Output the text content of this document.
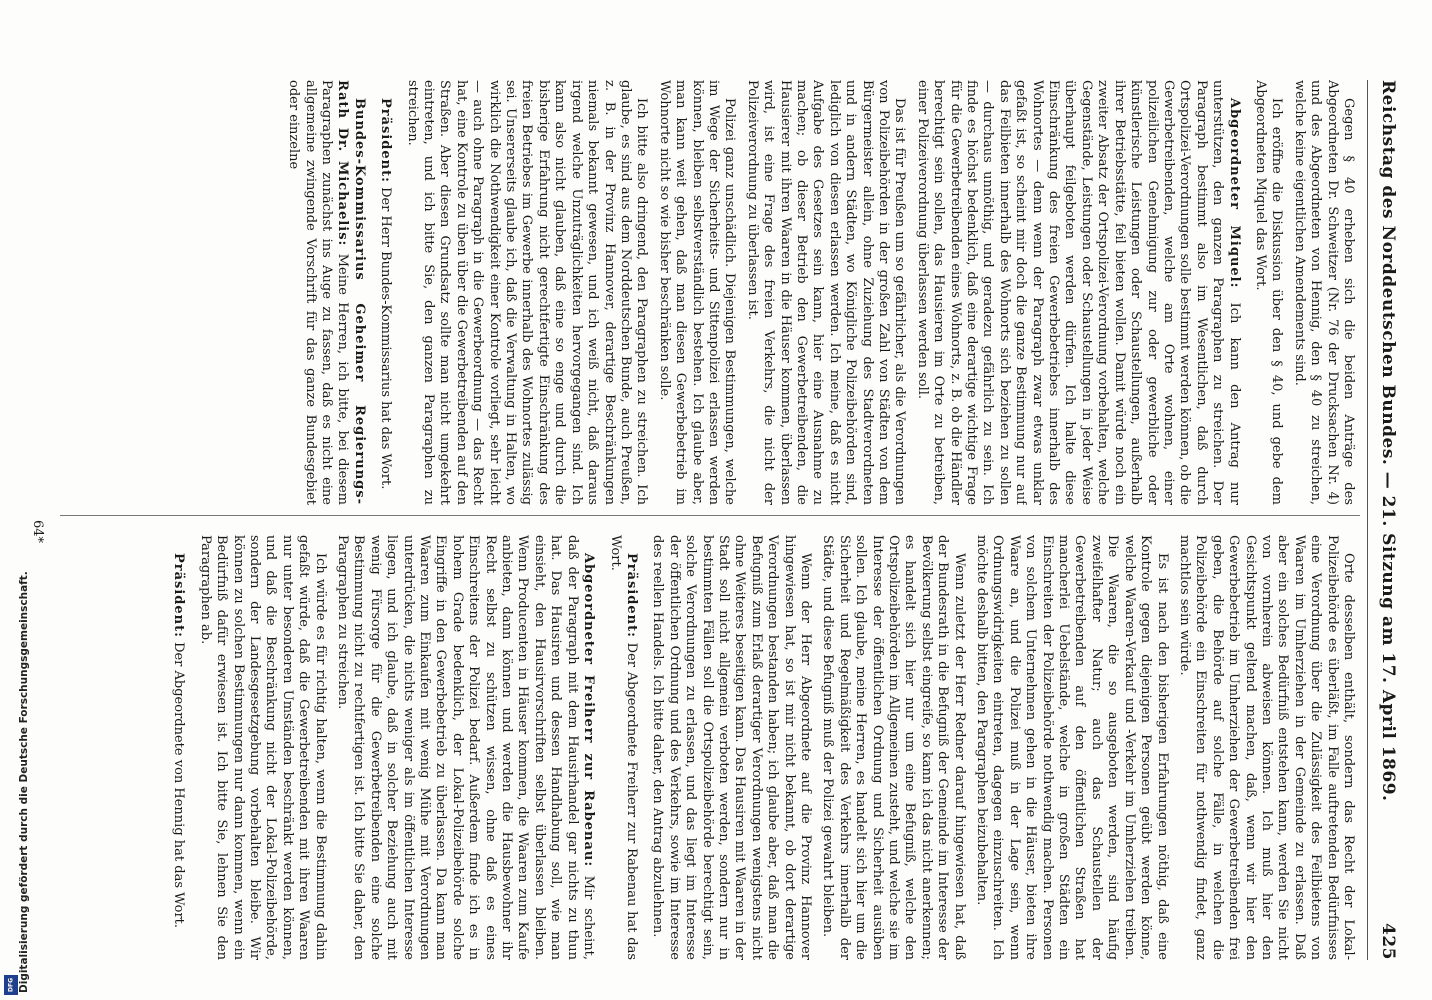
Reichstag des Norddeutschen Bundes. — 21. Sitzung am 17. April 1869.
425

Gegen § 40 erheben sich die beiden Anträge des Abgeordneten Dr. Schweitzer (Nr. 76 der Drucksachen Nr. 4) und des Abgeordneten von Hennig, den § 40 zu streichen, welche keine eigentlichen Amendements sind.

Ich eröffne die Diskussion über den § 40, und gebe dem Abgeordneten Miquel das Wort.

Abgeordneter Miquel: Ich kann den Antrag nur unterstützen, den ganzen Paragraphen zu streichen. Der Paragraph bestimmt also im Wesentlichen, daß durch Ortspolizei-Verordnungen solle bestimmt werden können, ob die Gewerbetreibenden, welche am Orte wohnen, einer polizeilichen Genehmigung zur oder gewerbliche oder künstlerische Leistungen oder Schaustellungen, außerhalb ihrer Betriebsstätte, feil bieten wollen. Damit würde noch ein zweiter Absatz der Ortspolizei-Verordnung vorbehalten, welche Gegenstände, Leistungen oder Schaustellungen in jeder Weise überhaupt feilgeboten werden dürfen. Ich halte diese Einschränkung des freien Gewerbebetriebes innerhalb des Wohnortes — denn wenn der Paragraph zwar etwas unklar gefaßt ist, so scheint mir doch die ganze Bestimmung nur auf das Feilbieten innerhalb des Wohnorts sich beziehen zu sollen — durchaus unnöthig, und geradezu gefährlich zu sein. Ich finde es höchst bedenklich, daß eine derartige wichtige Frage für die Gewerbetreibenden eines Wohnorts, z. B. ob die Händler berechtigt sein sollen, das Hausieren im Orte zu betreiben, einer Polizeiverordnung überlassen werden soll.

Das ist für Preußen um so gefährlicher, als die Verordnungen von Polizeibehörden in der großen Zahl von Städten von dem Bürgermeister allein, ohne Zuziehung des Stadtverordneten und in andern Städten, wo Königliche Polizeibehörden sind, lediglich von diesen erlassen werden. Ich meine, daß es nicht Aufgabe des Gesetzes sein kann, hier eine Ausnahme zu machen; ob dieser Betrieb den Gewerbetreibenden, die Hausierer mit ihren Waaren in die Häuser kommen, überlassen wird, ist eine Frage des freien Verkehrs, die nicht der Polizeiverordnung zu überlassen ist.

Polizei ganz unschädlich. Diejenigen Bestimmungen, welche im Wege der Sicherheits- und Sittenpolizei erlassen werden können, bleiben selbstverständlich bestehen. Ich glaube aber, man kann weit gehen, daß man diesen Gewerbebetrieb im Wohnorte nicht so wie bisher beschränken solle.

Ich bitte also dringend, den Paragraphen zu streichen. Ich glaube, es sind aus dem Norddeutschen Bunde, auch Preußen, z. B. in der Provinz Hannover, derartige Beschränkungen niemals bekannt gewesen, und ich weiß nicht, daß daraus irgend welche Unzuträglichkeiten hervorgegangen sind. Ich kann also nicht glauben, daß eine so enge und durch die bisherige Erfahrung nicht gerechtfertigte Einschränkung des freien Betriebes im Gewerbe innerhalb des Wohnortes zulässig sei. Unsererseits glaube ich, daß die Verwaltung in Halten, wo wirklich die Nothwendigkeit einer Kontrole vorliegt, sehr leicht — auch ohne Paragraph in die Gewerbeordnung — das Recht hat, eine Kontrole zu üben über die Gewerbetreibenden auf den Straßen. Aber diesen Grundsatz sollte man nicht umgekehrt eintreten, und ich bitte Sie, den ganzen Paragraphen zu streichen.

Präsident: Der Herr Bundes-Kommissarius hat das Wort.

Bundes-Kommissarius Geheimer Regierungs-Rath Dr. Michaelis: Meine Herren, ich bitte, bei diesem Paragraphen zunächst ins Auge zu fassen, daß es nicht eine allgemeine zwingende Vorschrift für das ganze Bundesgebiet oder einzelne

Orte desselben enthält, sondern das Recht der Lokal-Polizeibehörde es überläßt, im Falle auftretenden Bedürfnisses eine Verordnung über die Zulässigkeit des Feilbietens von Waaren im Umherziehen in der Gemeinde zu erlassen. Daß aber ein solches Bedürfniß entstehen kann, werden Sie nicht von vornherein abweisen können. Ich muß hier den Gesichtspunkt geltend machen, daß, wenn wir hier den Gewerbebetrieb im Umherziehen der Gewerbetreibenden frei geben, die Behörde auf solche Fälle, in welchen die Polizeibehörde ein Einschreiten für nothwendig findet, ganz machtlos sein würde.

Es ist nach den bisherigen Erfahrungen nöthig, daß eine Kontrole gegen diejenigen Personen geübt werden könne, welche Waaren-Verkauf und -Verkehr im Umherziehen treiben. Die Waaren, die so ausgeboten werden, sind häufig zweifelhafter Natur; auch das Schaustellen der Gewerbetreibenden auf den öffentlichen Straßen hat mancherlei Uebelstände, welche in großen Städten ein Einschreiten der Polizeibehörde nothwendig machen. Personen von solchem Unternehmen gehen in die Häuser, bieten ihre Waare an, und die Polizei muß in der Lage sein, wenn Ordnungswidrigkeiten eintreten, dagegen einzuschreiten. Ich möchte deshalb bitten, den Paragraphen beizubehalten.

Wenn zuletzt der Herr Redner darauf hingewiesen hat, daß der Bundesrath in die Befugniß der Gemeinde im Interesse der Bevölkerung selbst eingreife, so kann ich das nicht anerkennen; es handelt sich hier nur um eine Befugniß, welche den Ortspolizeibehörden im Allgemeinen zusteht, und welche sie im Interesse der öffentlichen Ordnung und Sicherheit ausüben sollen. Ich glaube, meine Herren, es handelt sich hier um die Sicherheit und Regelmäßigkeit des Verkehrs innerhalb der Städte, und diese Befugniß muß der Polizei gewahrt bleiben.

Wenn der Herr Abgeordnete auf die Provinz Hannover hingewiesen hat, so ist mir nicht bekannt, ob dort derartige Verordnungen bestanden haben; ich glaube aber, daß man die Befugniß zum Erlaß derartiger Verordnungen wenigstens nicht ohne Weiteres beseitigen kann. Das Hausiren mit Waaren in der Stadt soll nicht allgemein verboten werden, sondern nur in bestimmten Fällen soll die Ortspolizeibehörde berechtigt sein, solche Verordnungen zu erlassen, und das liegt im Interesse der öffentlichen Ordnung und des Verkehrs, sowie im Interesse des reellen Handels. Ich bitte daher, den Antrag abzulehnen.

Präsident: Der Abgeordnete Freiherr zur Rabenau hat das Wort.

Abgeordneter Freiherr zur Rabenau: Mir scheint, daß der Paragraph mit dem Hausirhandel gar nichts zu thun hat. Das Hausiren und dessen Handhabung soll, wie man einsieht, den Hausirvorschriften selbst überlassen bleiben. Wenn Producenten in Häuser kommen, die Waaren zum Kaufe anbieten, dann können und werden die Hausbewohner ihr Recht selbst zu schützen wissen, ohne daß es eines Einschreitens der Polizei bedarf. Außerdem finde ich es in hohem Grade bedenklich, der Lokal-Polizeibehörde solche Eingriffe in den Gewerbebetrieb zu überlassen. Da kann man Waaren zum Einkaufen mit wenig Mühe mit Verordnungen unterdrücken, die nichts weniger als im öffentlichen Interesse liegen, und ich glaube, daß in solcher Beziehung auch mit wenig Fürsorge für die Gewerbetreibenden eine solche Bestimmung nicht zu rechtfertigen ist. Ich bitte Sie daher, den Paragraphen zu streichen.

Ich würde es für richtig halten, wenn die Bestimmung dahin gefaßt würde, daß die Gewerbetreibenden mit ihren Waaren nur unter besonderen Umständen beschränkt werden können, und daß die Beschränkung nicht der Lokal-Polizeibehörde, sondern der Landesgesetzgebung vorbehalten bleibe. Wir können zu solchen Bestimmungen nur dann kommen, wenn ein Bedürfniß dafür erwiesen ist. Ich bitte Sie, lehnen Sie den Paragraphen ab.

Präsident: Der Abgeordnete von Hennig hat das Wort.

64*
Digitalisierung gefördert durch die Deutsche Forschungsgemeinschaft.
DFG
